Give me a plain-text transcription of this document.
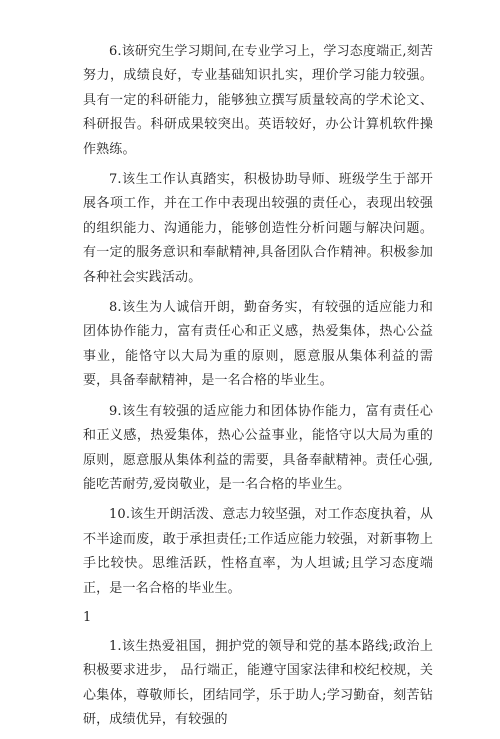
6.该研究生学习期间,在专业学习上，学习态度端正,刻苦努力，成绩良好，专业基础知识扎实，理价学习能力较强。具有一定的科研能力，能够独立撰写质量较高的学术论文、科研报告。科研成果较突出。英语较好，办公计算机软件操作熟练。

7.该生工作认真踏实，积极协助导师、班级学生于部开展各项工作，并在工作中表现出较强的责任心，表现出较强的组织能力、沟通能力，能够创造性分析问题与解决问题。有一定的服务意识和奉献精神,具备团队合作精神。积极参加各种社会实践活动。

8.该生为人诚信开朗，勤奋务实，有较强的适应能力和团体协作能力，富有责任心和正义感，热爱集体，热心公益事业，能恪守以大局为重的原则，愿意服从集体利益的需要，具备奉献精神，是一名合格的毕业生。

9.该生有较强的适应能力和团体协作能力，富有责任心和正义感，热爱集体，热心公益事业，能恪守以大局为重的原则，愿意服从集体利益的需要，具备奉献精神。责任心强,能吃苦耐劳,爱岗敬业，是一名合格的毕业生。

10.该生开朗活泼、意志力较坚强，对工作态度执着，从不半途而废，敢于承担责任;工作适应能力较强，对新事物上手比较快。思维活跃，性格直率，为人坦诚;且学习态度端正，是一名合格的毕业生。

1

1.该生热爱祖国，拥护党的领导和党的基本路线;政治上积极要求进步， 品行端正，能遵守国家法律和校纪校规，关心集体，尊敬师长，团结同学，乐于助人;学习勤奋，刻苦钻研，成绩优异，有较强的
